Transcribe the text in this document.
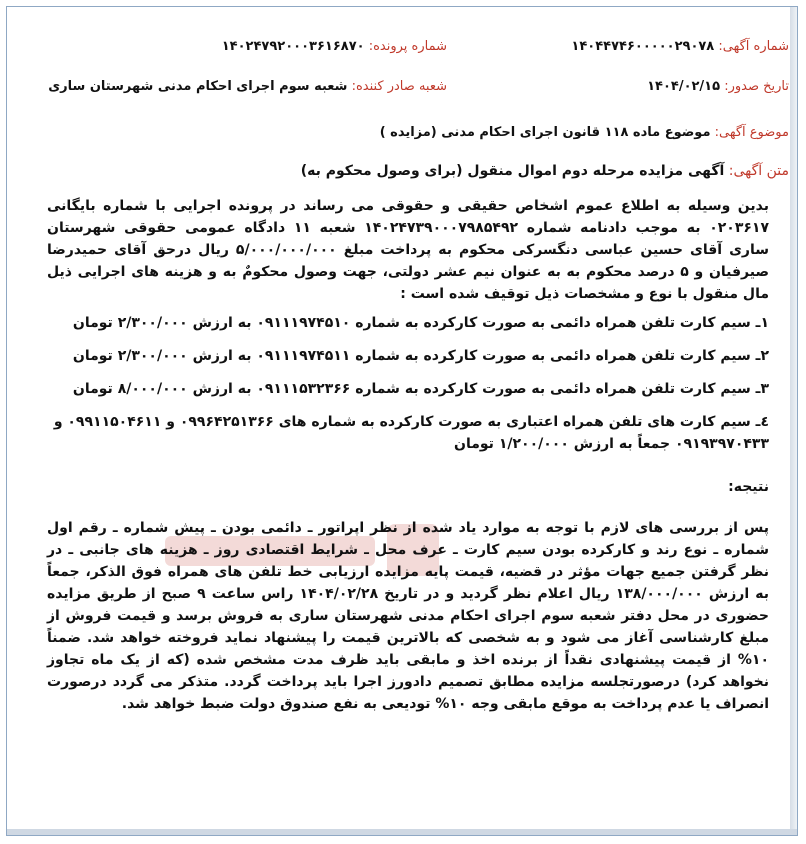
شماره آگهی: ۱۴۰۴۴۷۴۶۰۰۰۰۰۲۹۰۷۸
شماره پرونده: ۱۴۰۲۴۷۹۲۰۰۰۳۶۱۶۸۷۰
تاریخ صدور: ۱۴۰۴/۰۲/۱۵
شعبه صادر کننده: شعبه سوم اجرای احکام مدنی شهرستان ساری
موضوع آگهی: موضوع ماده ۱۱۸ قانون اجرای احکام مدنی (مزایده )
متن آگهی: آگهی مزایده مرحله دوم اموال منقول (برای وصول محکوم به)
بدین وسیله به اطلاع عموم اشخاص حقیقی و حقوقی می رساند در پرونده اجرایی با شماره بایگانی ۰۲۰۳۶۱۷ به موجب دادنامه شماره ۱۴۰۲۴۷۳۹۰۰۰۷۹۸۵۴۹۲ شعبه ۱۱ دادگاه عمومی حقوقی شهرستان ساری آقای حسین عباسی دنگسرکی محکوم به پرداخت مبلغ ۵/۰۰۰/۰۰۰/۰۰۰ ریال درحق آقای حمیدرضا صیرفیان و ۵ درصد محکوم به به عنوان نیم عشر دولتی، جهت وصول محکومٌ به و هزینه های اجرایی ذیل مال منقول با نوع و مشخصات ذیل توقیف شده است :
۱ـ سیم کارت تلفن همراه دائمی به صورت کارکرده به شماره ۰۹۱۱۱۹۷۴۵۱۰ به ارزش ۲/۳۰۰/۰۰۰ تومان
۲ـ سیم کارت تلفن همراه دائمی به صورت کارکرده به شماره ۰۹۱۱۱۹۷۴۵۱۱ به ارزش ۲/۳۰۰/۰۰۰ تومان
۳ـ سیم کارت تلفن همراه دائمی به صورت کارکرده به شماره ۰۹۱۱۱۵۳۲۳۶۶ به ارزش ۸/۰۰۰/۰۰۰ تومان
٤ـ سیم کارت های تلفن همراه اعتباری به صورت کارکرده به شماره های ۰۹۹۶۴۲۵۱۳۶۶ و ۰۹۹۱۱۵۰۴۶۱۱ و ۰۹۱۹۳۹۷۰۴۳۳ جمعاً به ارزش ۱/۲۰۰/۰۰۰ تومان
نتیجه:
پس از بررسی های لازم با توجه به موارد یاد شده از نظر اپراتور ـ دائمی بودن ـ پیش شماره ـ رقم اول شماره ـ نوع رند و کارکرده بودن سیم کارت ـ عرف محل ـ شرایط اقتصادی روز ـ هزینه های جانبی ـ در نظر گرفتن جمیع جهات مؤثر در قضیه، قیمت پایه مزایده ارزیابی خط تلفن های همراه فوق الذکر، جمعاً به ارزش ۱۳۸/۰۰۰/۰۰۰ ریال اعلام نظر گردید و در تاریخ ۱۴۰۴/۰۲/۲۸ راس ساعت ۹ صبح از طریق مزایده حضوری در محل دفتر شعبه سوم اجرای احکام مدنی شهرستان ساری به فروش برسد و قیمت فروش از مبلغ کارشناسی آغاز می شود و به شخصی که بالاترین قیمت را پیشنهاد نماید فروخته خواهد شد. ضمناً ۱۰% از قیمت پیشنهادی نقداً از برنده اخذ و مابقی باید ظرف مدت مشخص شده (که از یک ماه تجاوز نخواهد کرد) درصورتجلسه مزایده مطابق تصمیم دادورز اجرا باید پرداخت گردد. متذکر می گردد درصورت انصراف یا عدم پرداخت به موقع مابقی وجه ۱۰% تودیعی به نفع صندوق دولت ضبط خواهد شد.
